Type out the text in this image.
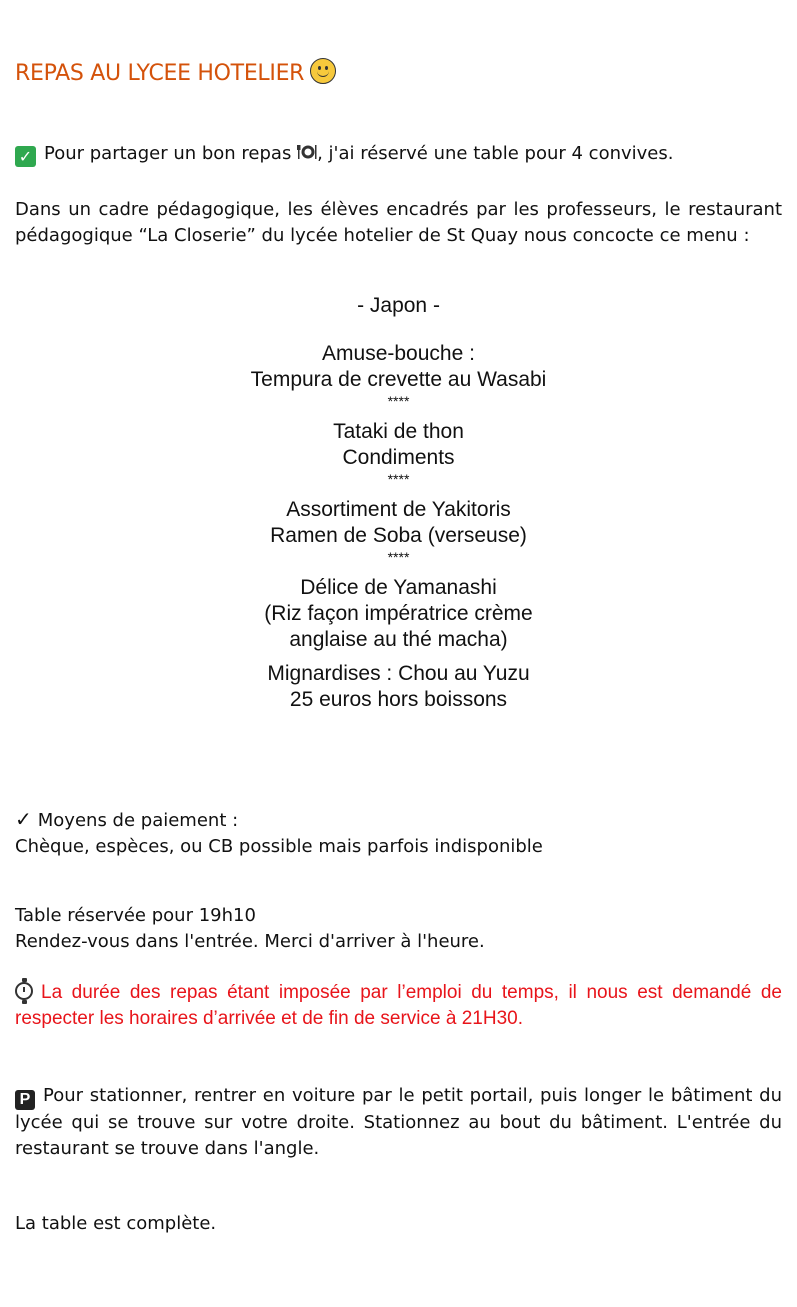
REPAS AU LYCEE HOTELIER
✓ Pour partager un bon repas , j'ai réservé une table pour 4 convives.
Dans un cadre pédagogique, les élèves encadrés par les professeurs, le restaurant pédagogique “La Closerie” du lycée hotelier de St Quay nous concocte ce menu :
- Japon -
Amuse-bouche :
Tempura de crevette au Wasabi
****
Tataki de thon
Condiments
****
Assortiment de Yakitoris
Ramen de Soba (verseuse)
****
Délice de Yamanashi
(Riz façon impératrice crème
anglaise au thé macha)
Mignardises : Chou au Yuzu
25 euros hors boissons
✓ Moyens de paiement :
Chèque, espèces, ou CB possible mais parfois indisponible
Table réservée pour 19h10
Rendez-vous dans l'entrée. Merci d'arriver à l'heure.
La durée des repas étant imposée par l’emploi du temps, il nous est demandé de respecter les horaires d’arrivée et de fin de service à 21H30.
P Pour stationner, rentrer en voiture par le petit portail, puis longer le bâtiment du lycée qui se trouve sur votre droite. Stationnez au bout du bâtiment. L'entrée du restaurant se trouve dans l'angle.
La table est complète.
